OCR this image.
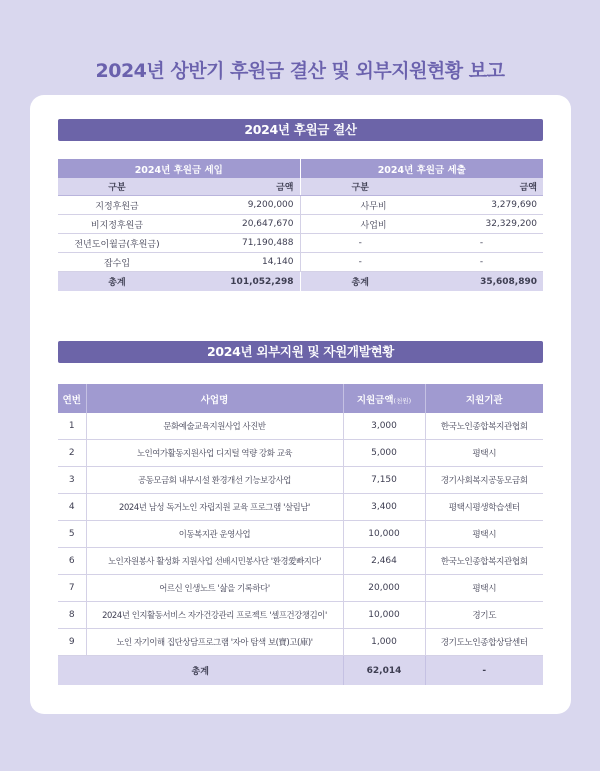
2024년 상반기 후원금 결산 및 외부지원현황 보고
2024년 후원금 결산
2024년 후원금 세입		2024년 후원금 세출	
구분	금액	구분	금액
지정후원금	9,200,000	사무비	3,279,690
비지정후원금	20,647,670	사업비	32,329,200
전년도이월금(후원금)	71,190,488	-	-
잡수입	14,140	-	-
총계	101,052,298	총계	35,608,890
2024년 외부지원 및 자원개발현황
연번	사업명	지원금액(천원)	지원기관
1	문화예술교육지원사업 사진반	3,000	한국노인종합복지관협회
2	노인여가활동지원사업 디지털 역량 강화 교육	5,000	평택시
3	공동모금회 내부시설 환경개선 기능보강사업	7,150	경기사회복지공동모금회
4	2024년 남성 독거노인 자립지원 교육 프로그램 '살림남'	3,400	평택시평생학습센터
5	이동복지관 운영사업	10,000	평택시
6	노인자원봉사 활성화 지원사업 선배시민봉사단 '환경愛빠지다'	2,464	한국노인종합복지관협회
7	어르신 인생노트 '삶을 기록하다'	20,000	평택시
8	2024년 인지활동서비스 자가건강관리 프로젝트 '셀프건강챙김이'	10,000	경기도
9	노인 자기이해 집단상담프로그램 '자아 탐색 보(寶)고(庫)'	1,000	경기도노인종합상담센터
총계		62,014	-
